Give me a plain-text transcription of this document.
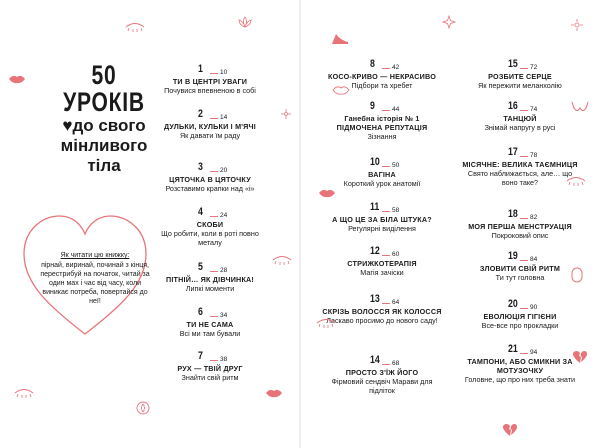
50
УРОКІВ
♥до свого
мінливого
тіла
Як читати цю книжку:
пірнай, виринай, починай з кінця, перестрибуй на початок, читай за один мах і час від часу, коли виникає потреба, повертайся до неї!
1	10
ТИ В ЦЕНТРІ УВАГИ
Почувися впевненою в собі
2	14
ДУЛЬКИ, КУЛЬКИ І М'ЯЧІ
Як давати їм раду
3	20
ЦЯТОЧКА В ЦЯТОЧКУ
Розставимо крапки над «і»
4	24
СКОБИ
Що робити, коли в роті повно металу
5	28
ПІТНІЙ… ЯК ДІВЧИНКА!
Липкі моменти
6	34
ТИ НЕ САМА
Всі ми там бували
7	38
РУХ — ТВІЙ ДРУГ
Знайти свій ритм
8	42
КОСО-КРИВО — НЕКРАСИВО
Підбори та хребет
9	44
Ганебна історія № 1 ПІДМОЧЕНА РЕПУТАЦІЯ
Зізнання
10 50
ВАГІНА
Короткий урок анатомії
11 58
А ЩО ЦЕ ЗА БІЛА ШТУКА?
Регулярні виділення
12 60
СТРИЖКОТЕРАПІЯ
Магія зачіски
13 64
СКРІЗЬ ВОЛОССЯ ЯК КОЛОССЯ
Ласкаво просимо до нового саду!
14 68
ПРОСТО З'ЇЖ ЙОГО
Фірмовий сендвіч Марави для підліток
15 72
РОЗБИТЕ СЕРЦЕ
Як пережити меланхолію
16 74
ТАНЦЮЙ
Знімай напругу в русі
17 78
МІСЯЧНЕ: ВЕЛИКА ТАЄМНИЦЯ
Свято наближається, але… що воно таке?
18 82
МОЯ ПЕРША МЕНСТРУАЦІЯ
Покроковий опис
19 84
ЗЛОВИТИ СВІЙ РИТМ
Ти тут головна
20 90
ЕВОЛЮЦІЯ ГІГІЄНИ
Все-все про прокладки
21 94
ТАМПОНИ, АБО СМИКНИ ЗА МОТУЗОЧКУ
Головне, що про них треба знати
